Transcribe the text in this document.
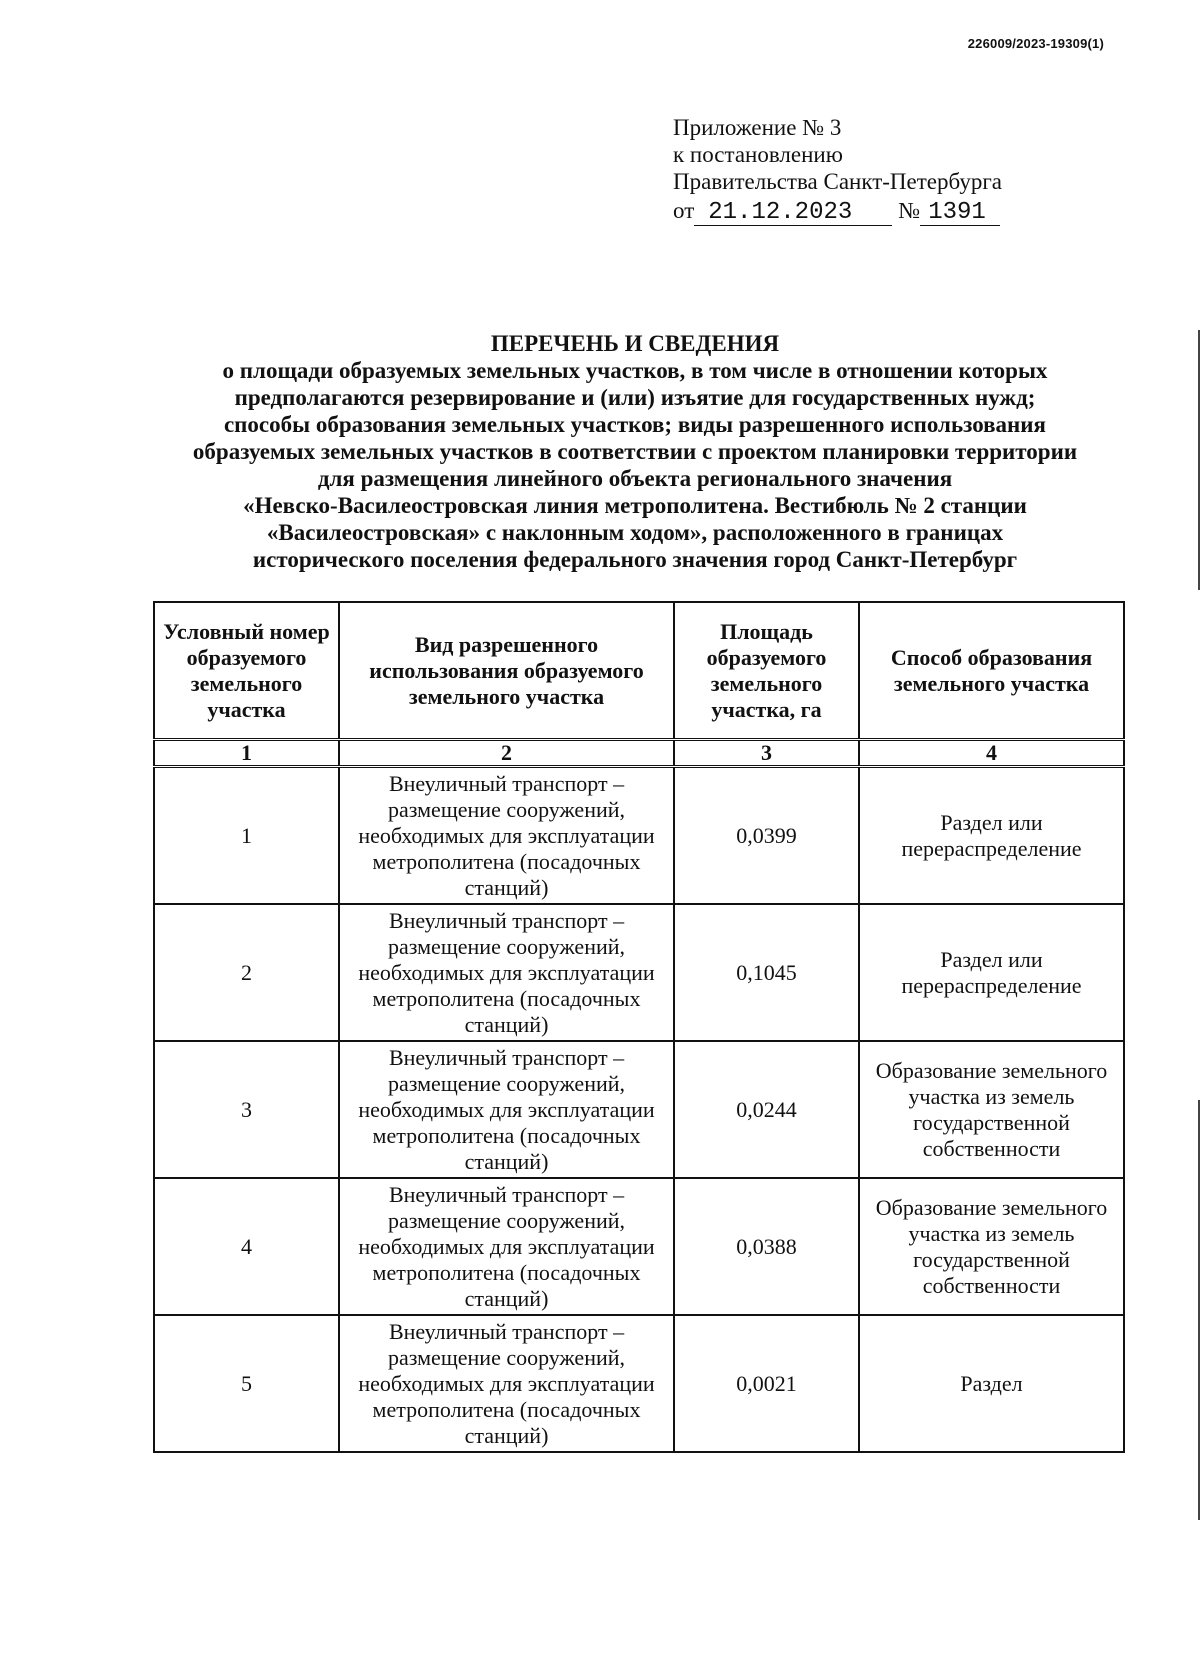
226009/2023-19309(1)
Приложение № 3
к постановлению
Правительства Санкт-Петербурга
от 21.12.2023 № 1391
ПЕРЕЧЕНЬ И СВЕДЕНИЯ
о площади образуемых земельных участков, в том числе в отношении которых
предполагаются резервирование и (или) изъятие для государственных нужд;
способы образования земельных участков; виды разрешенного использования
образуемых земельных участков в соответствии с проектом планировки территории
для размещения линейного объекта регионального значения
«Невско-Василеостровская линия метрополитена. Вестибюль № 2 станции
«Василеостровская» с наклонным ходом», расположенного в границах
исторического поселения федерального значения город Санкт-Петербург
Условный номер образуемого земельного участка	Вид разрешенного использования образуемого земельного участка	Площадь образуемого земельного участка, га	Способ образования земельного участка
1	2	3	4
1	Внеуличный транспорт – размещение сооружений, необходимых для эксплуатации метрополитена (посадочных станций)	0,0399	Раздел или перераспределение
2	Внеуличный транспорт – размещение сооружений, необходимых для эксплуатации метрополитена (посадочных станций)	0,1045	Раздел или перераспределение
3	Внеуличный транспорт – размещение сооружений, необходимых для эксплуатации метрополитена (посадочных станций)	0,0244	Образование земельного участка из земель государственной собственности
4	Внеуличный транспорт – размещение сооружений, необходимых для эксплуатации метрополитена (посадочных станций)	0,0388	Образование земельного участка из земель государственной собственности
5	Внеуличный транспорт – размещение сооружений, необходимых для эксплуатации метрополитена (посадочных станций)	0,0021	Раздел
